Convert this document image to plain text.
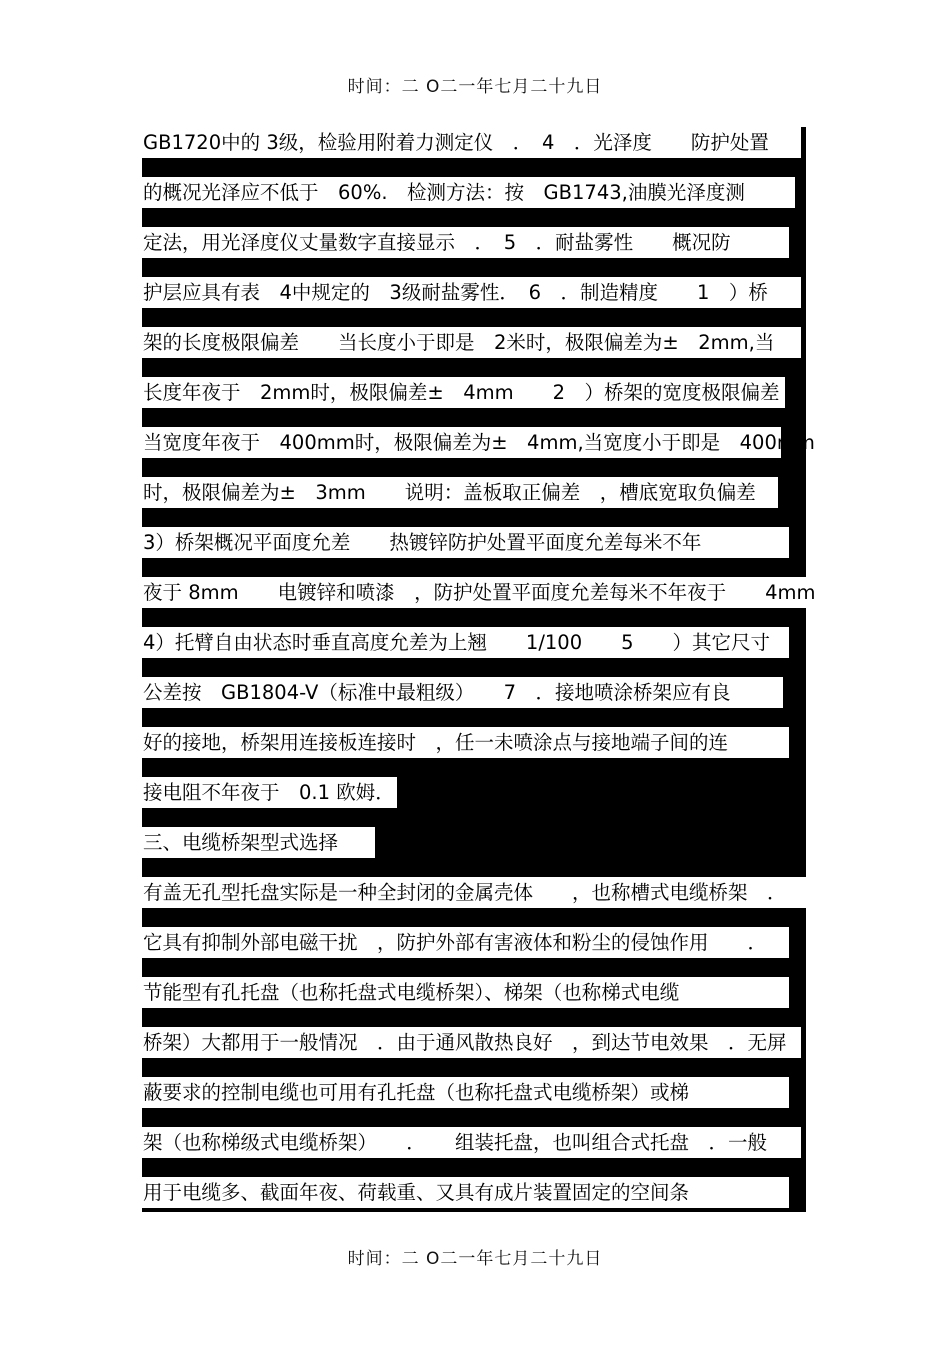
时间：二 O二一年七月二十九日
GB1720中的 3级，检验用附着力测定仪　．　4　．光泽度　　防护处置
的概况光泽应不低于　60%.　检测方法：按　GB1743,油膜光泽度测
定法，用光泽度仪丈量数字直接显示　．　5　．耐盐雾性　　概况防
护层应具有表　4中规定的　3级耐盐雾性．　6　．制造精度　　1　）桥
架的长度极限偏差　　当长度小于即是　2米时，极限偏差为±　2mm,当
长度年夜于　2mm时，极限偏差±　4mm　　2　）桥架的宽度极限偏差
当宽度年夜于　400mm时，极限偏差为±　4mm,当宽度小于即是　400mm
时，极限偏差为±　3mm　　说明：盖板取正偏差　，槽底宽取负偏差
3）桥架概况平面度允差　　热镀锌防护处置平面度允差每米不年
夜于 8mm　　电镀锌和喷漆　，防护处置平面度允差每米不年夜于　　4mm
4）托臂自由状态时垂直高度允差为上翘　　1/100　　5　　）其它尺寸
公差按　GB1804-V（标准中最粗级）　　7　．接地喷涂桥架应有良
好的接地，桥架用连接板连接时　，任一未喷涂点与接地端子间的连
接电阻不年夜于　0.1 欧姆．
三、电缆桥架型式选择
有盖无孔型托盘实际是一种全封闭的金属壳体　　，也称槽式电缆桥架　．
它具有抑制外部电磁干扰　，防护外部有害液体和粉尘的侵蚀作用　　．
节能型有孔托盘（也称托盘式电缆桥架）、梯架（也称梯式电缆
桥架）大都用于一般情况　．由于通风散热良好　，到达节电效果　．无屏
蔽要求的控制电缆也可用有孔托盘（也称托盘式电缆桥架）或梯
架（也称梯级式电缆桥架）　　．　　组装托盘，也叫组合式托盘　．一般
用于电缆多、截面年夜、荷载重、又具有成片装置固定的空间条
时间：二 O二一年七月二十九日
